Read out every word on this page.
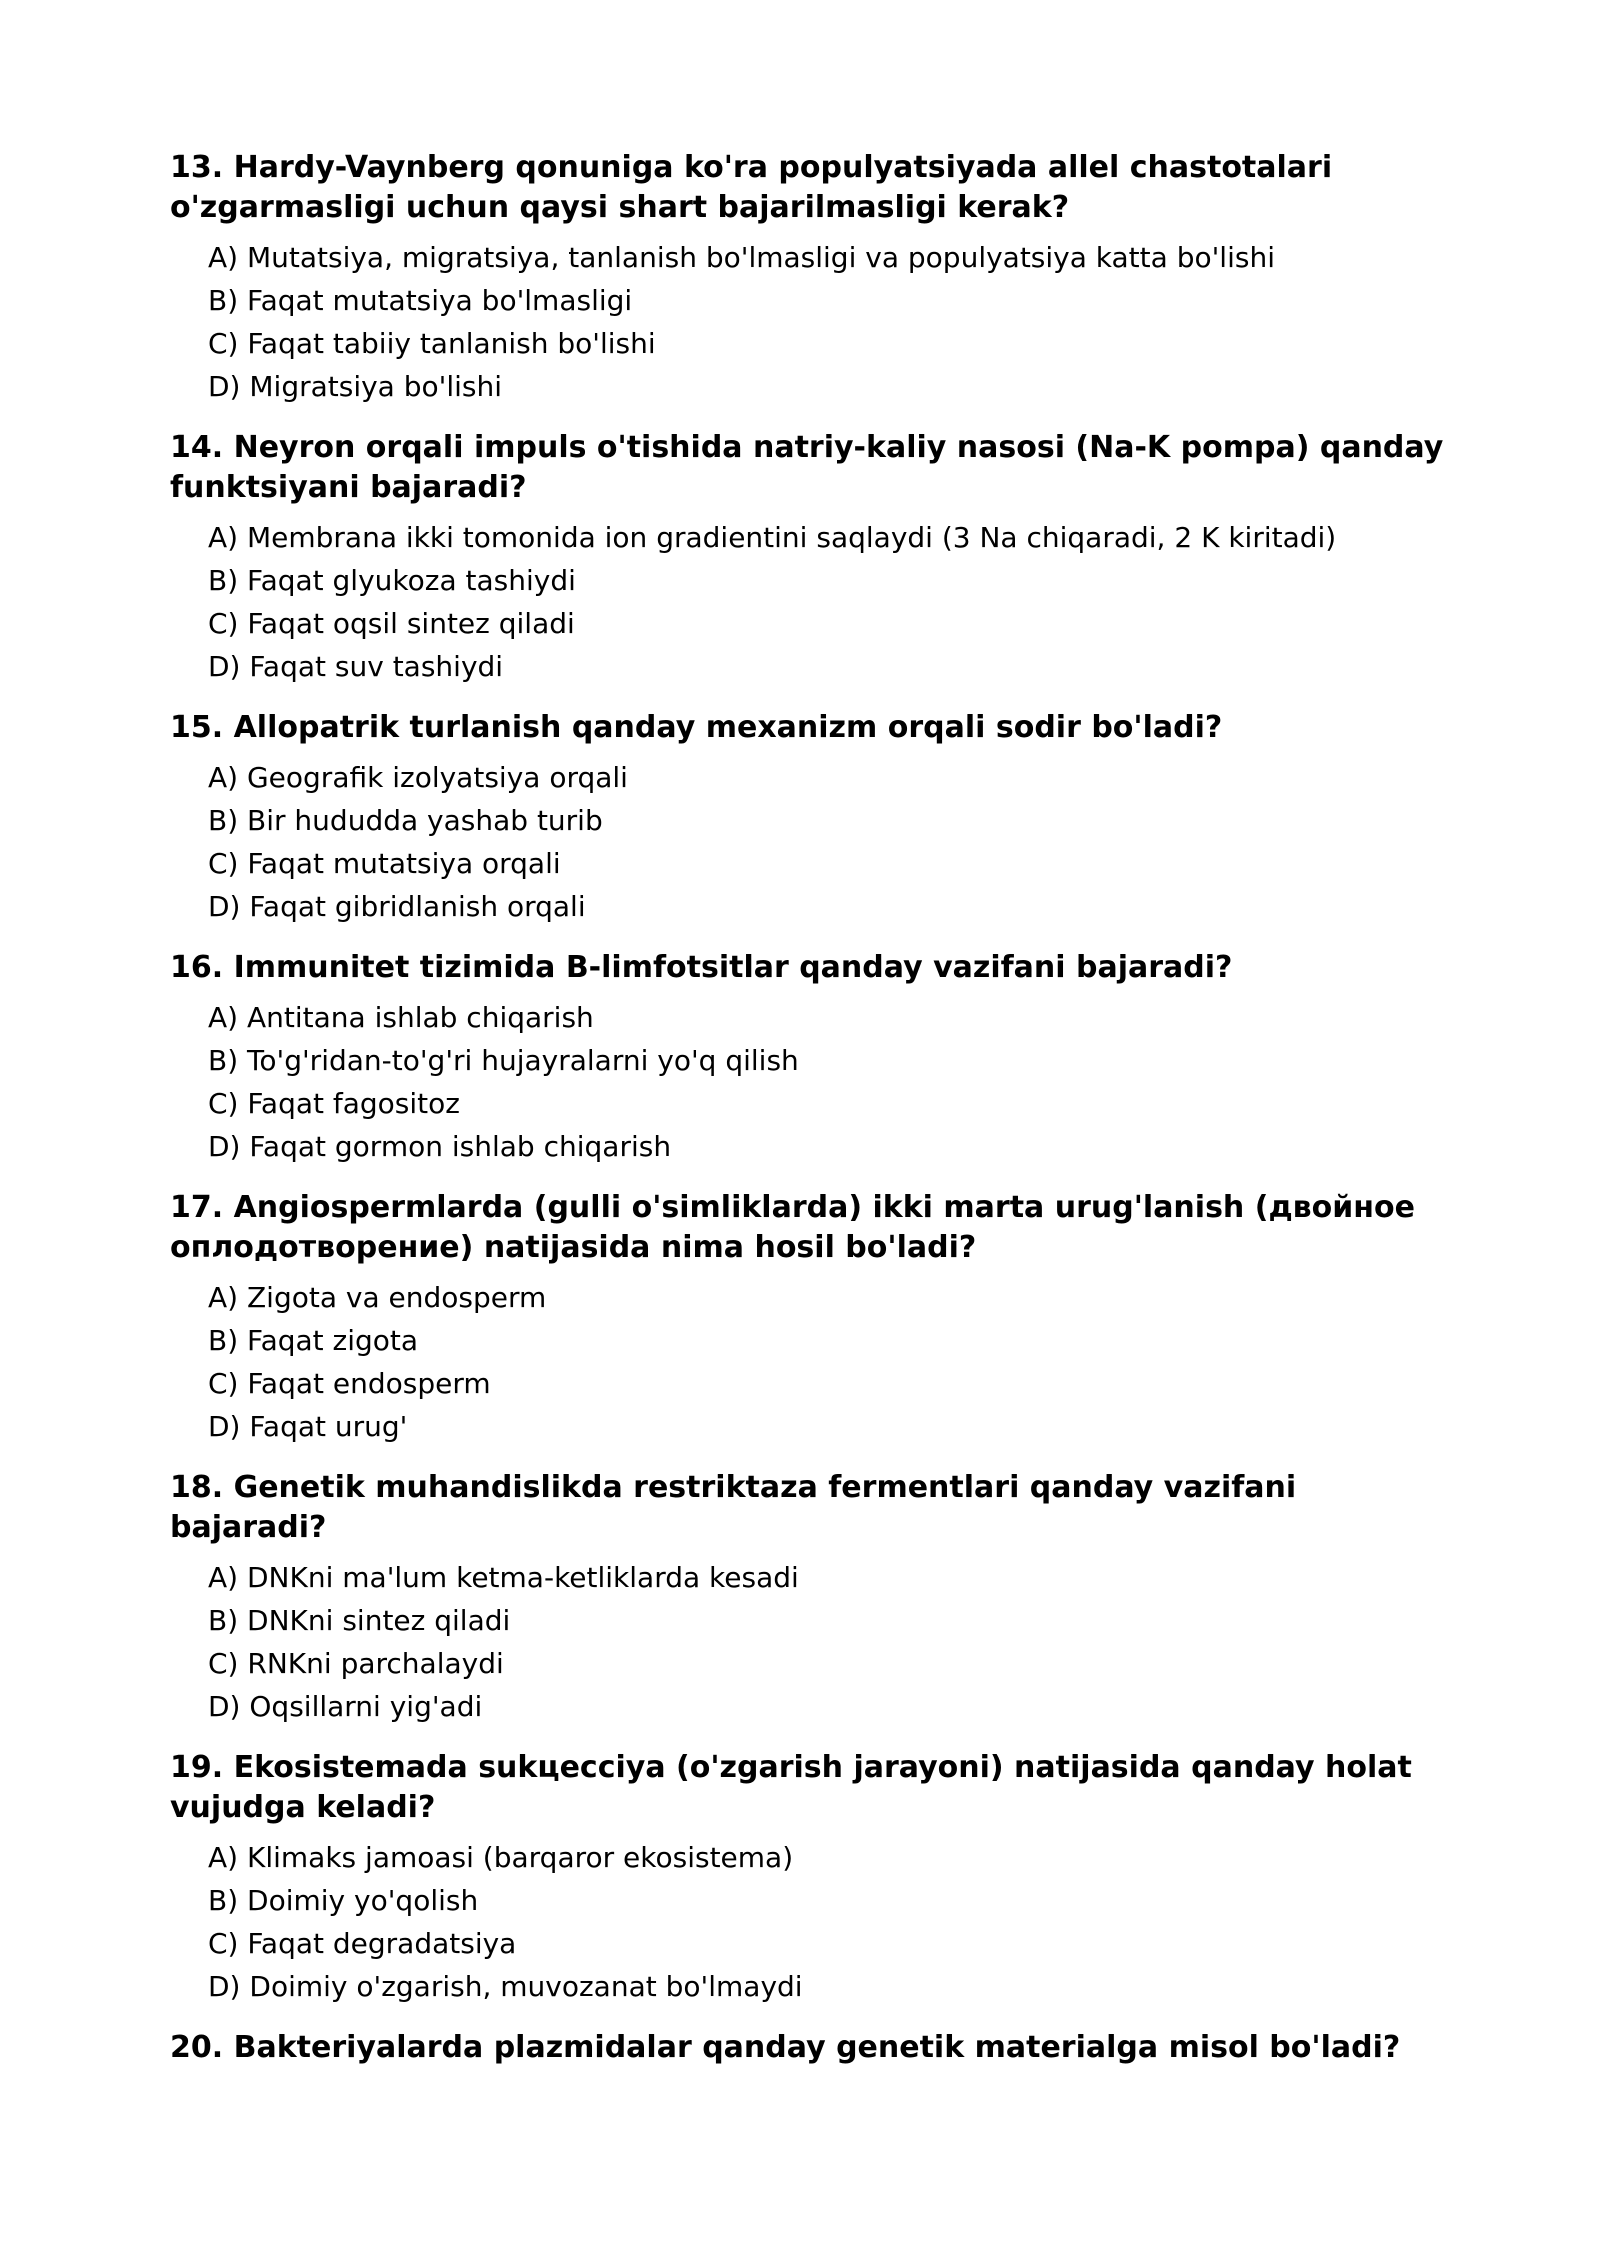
13. Hardy-Vaynberg qonuniga ko'ra populyatsiyada allel chastotalari o'zgarmasligi uchun qaysi shart bajarilmasligi kerak?
A) Mutatsiya, migratsiya, tanlanish bo'lmasligi va populyatsiya katta bo'lishi
B) Faqat mutatsiya bo'lmasligi
C) Faqat tabiiy tanlanish bo'lishi
D) Migratsiya bo'lishi
14. Neyron orqali impuls o'tishida natriy-kaliy nasosi (Na-K pompa) qanday funktsiyani bajaradi?
A) Membrana ikki tomonida ion gradientini saqlaydi (3 Na chiqaradi, 2 K kiritadi)
B) Faqat glyukoza tashiydi
C) Faqat oqsil sintez qiladi
D) Faqat suv tashiydi
15. Allopatrik turlanish qanday mexanizm orqali sodir bo'ladi?
A) Geografik izolyatsiya orqali
B) Bir hududda yashab turib
C) Faqat mutatsiya orqali
D) Faqat gibridlanish orqali
16. Immunitet tizimida B-limfotsitlar qanday vazifani bajaradi?
A) Antitana ishlab chiqarish
B) To'g'ridan-to'g'ri hujayralarni yo'q qilish
C) Faqat fagositoz
D) Faqat gormon ishlab chiqarish
17. Angiospermlarda (gulli o'simliklarda) ikki marta urug'lanish (двойное оплодотворение) natijasida nima hosil bo'ladi?
A) Zigota va endosperm
B) Faqat zigota
C) Faqat endosperm
D) Faqat urug'
18. Genetik muhandislikda restriktaza fermentlari qanday vazifani bajaradi?
A) DNKni ma'lum ketma-ketliklarda kesadi
B) DNKni sintez qiladi
C) RNKni parchalaydi
D) Oqsillarni yig'adi
19. Ekosistemada sukцecciya (o'zgarish jarayoni) natijasida qanday holat vujudga keladi?
A) Klimaks jamoasi (barqaror ekosistema)
B) Doimiy yo'qolish
C) Faqat degradatsiya
D) Doimiy o'zgarish, muvozanat bo'lmaydi
20. Bakteriyalarda plazmidalar qanday genetik materialga misol bo'ladi?
